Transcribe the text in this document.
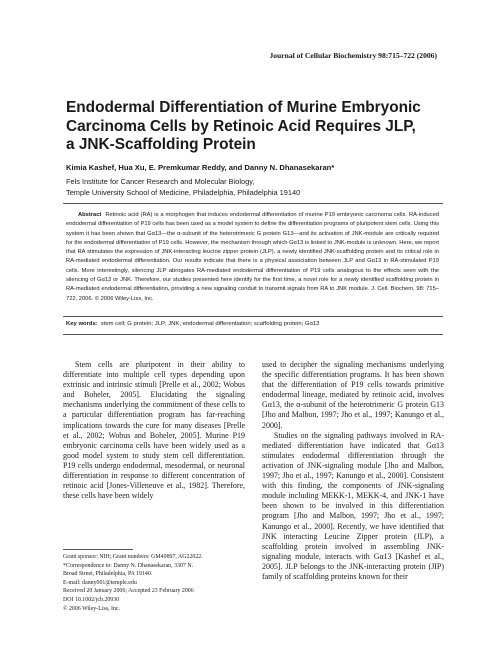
Journal of Cellular Biochemistry 98:715–722 (2006)
Endodermal Differentiation of Murine Embryonic
Carcinoma Cells by Retinoic Acid Requires JLP,
a JNK-Scaffolding Protein
Kimia Kashef, Hua Xu, E. Premkumar Reddy, and Danny N. Dhanasekaran*
Fels Institute for Cancer Research and Molecular Biology,
Temple University School of Medicine, Philadelphia, Philadelphia 19140

Abstract Retinoic acid (RA) is a morphogen that induces endodermal differentiation of murine P19 embryonic carcinoma cells. RA-induced endodermal differentiation of P19 cells has been used as a model system to define the differentiation programs of pluripotent stem cells. Using this system it has been shown that Gα13—the α-subunit of the heterotrimeric G protein G13—and its activation of JNK-module are critically required for the endodermal differentiation of P19 cells. However, the mechanism through which Gα13 is linked to JNK-module is unknown. Here, we report that RA stimulates the expression of JNK-interacting leucine zipper protein (JLP), a newly identified JNK-scaffolding protein and its critical role in RA-mediated endodermal differentiation. Our results indicate that there is a physical association between JLP and Gα13 in RA-stimulated P19 cells. More interestingly, silencing JLP abrogates RA-mediated endodermal differentiation of P19 cells analogous to the effects seen with the silencing of Gα13 or JNK. Therefore, our studies presented here identify for the first time, a novel role for a newly identified scaffolding protein in RA-mediated endodermal differentiation, providing a new signaling conduit to transmit signals from RA to JNK module. J. Cell. Biochem. 98: 715–722, 2006. © 2006 Wiley-Liss, Inc.

Key words: stem cell; G protein; JLP; JNK; endodermal differentiation; scaffolding protein; Gα13

Stem cells are pluripotent in their ability to differentiate into multiple cell types depending upon extrinsic and intrinsic stimuli [Prelle et al., 2002; Wobus and Boheler, 2005]. Elucidating the signaling mechanisms underlying the commitment of these cells to a particular differentiation program has far-reaching implications towards the cure for many diseases [Prelle et al., 2002; Wobus and Boheler, 2005]. Murine P19 embryonic carcinoma cells have been widely used as a good model system to study stem cell differentiation. P19 cells undergo endodermal, mesodermal, or neuronal differentiation in response to different concentration of retinoic acid [Jones-Villeneuve et al., 1982]. Therefore, these cells have been widely

used to decipher the signaling mechanisms underlying the specific differentiation programs. It has been shown that the differentiation of P19 cells towards primitive endodermal lineage, mediated by retinoic acid, involves Gα13, the α-subunit of the heterotrimeric G protein G13 [Jho and Malbon, 1997; Jho et al., 1997; Kanungo et al., 2000].

Studies on the signaling pathways involved in RA-mediated differentiation have indicated that Gα13 stimulates endodermal differentiation through the activation of JNK-signaling module [Jho and Malbon, 1997; Jho et al., 1997; Kanungo et al., 2000]. Consistent with this finding, the components of JNK-signaling module including MEKK-1, MEKK-4, and JNK-1 have been shown to be involved in this differentiation program [Jho and Malbon, 1997; Jho et al., 1997; Kanungo et al., 2000]. Recently, we have identified that JNK interacting Leucine Zipper protein (JLP), a scaffolding protein involved in assembling JNK-signaling module, interacts with Gα13 [Kashef et al., 2005]. JLP belongs to the JNK-interacting protein (JIP) family of scaffolding proteins known for their

Grant sponsor: NIH; Grant numbers: GM49897, AG22022.
*Correspondence to: Danny N. Dhanasekaran, 3307 N.
Broad Street, Philadelphia, PA 19140.
E-mail: danny001@temple.edu
Received 20 January 2006; Accepted 23 February 2006
DOI 10.1002/jcb.20930
© 2006 Wiley-Liss, Inc.
